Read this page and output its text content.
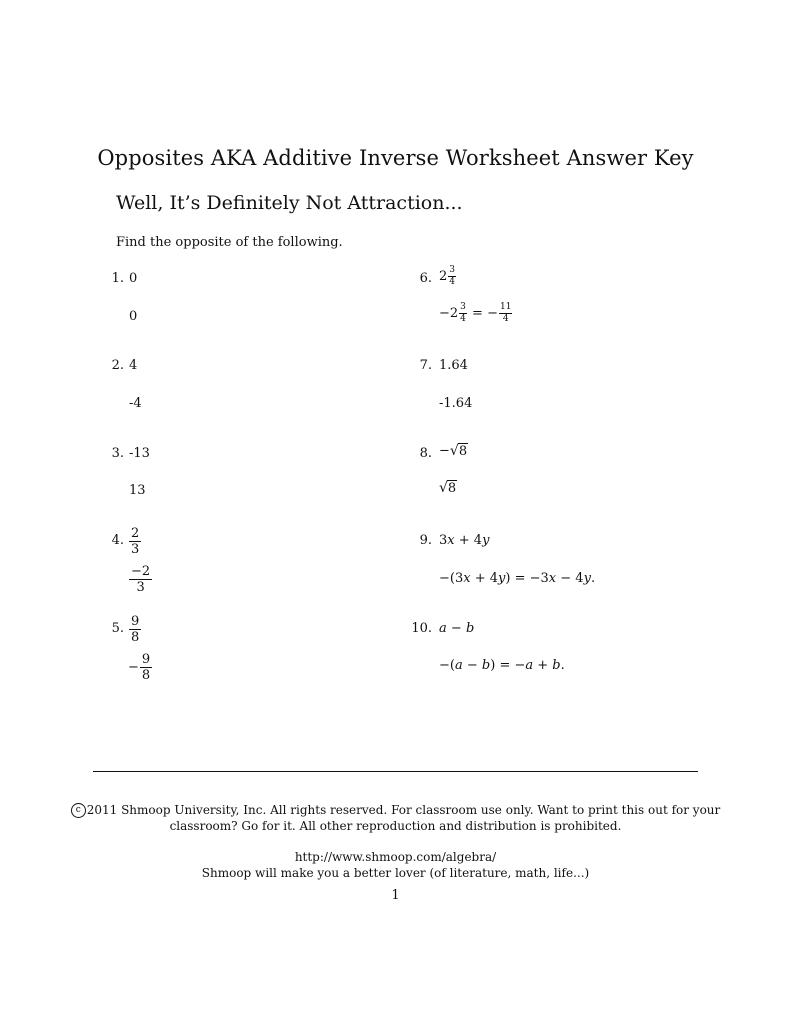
Opposites AKA Additive Inverse Worksheet Answer Key
Well, It’s Definitely Not Attraction...
Find the opposite of the following.
1. 0
0
2. 4
-4
3. -13
13
4. $\frac{2}{3}$
$\frac{-2}{3}$
5. $\frac{9}{8}$
− $\frac{9}{8}$
6. $2 \frac{3}{4}$
$-2 \frac{3}{4}$ = − $\frac{11}{4}$
7. 1.64
-1.64
8. −√8
√8
9. 3x + 4y
−(3x + 4y) = −3x − 4y.
10. a − b
−(a − b) = −a + b.
c 2011 Shmoop University, Inc. All rights reserved. For classroom use only. Want to print this out for your
classroom? Go for it. All other reproduction and distribution is prohibited.
http://www.shmoop.com/algebra/
Shmoop will make you a better lover (of literature, math, life...)
1
